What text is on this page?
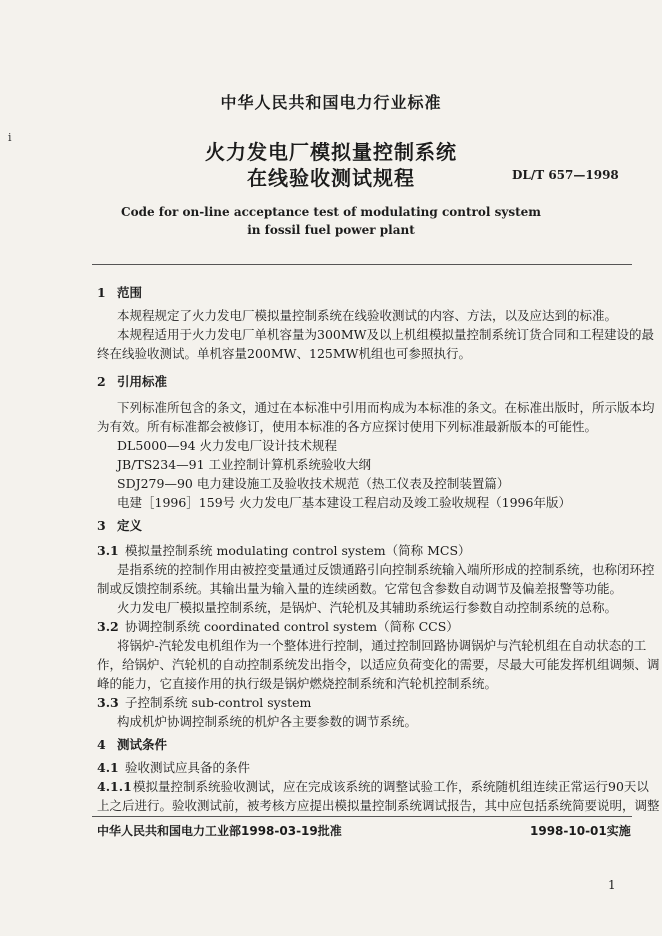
ⅰ
中华人民共和国电力行业标准
火力发电厂模拟量控制系统
在线验收测试规程	DL/T 657—1998
Code for on-line acceptance test of modulating control system
in fossil fuel power plant
1 范围
本规程规定了火力发电厂模拟量控制系统在线验收测试的内容、方法，以及应达到的标准。
本规程适用于火力发电厂单机容量为300MW及以上机组模拟量控制系统订货合同和工程建设的最
终在线验收测试。单机容量200MW、125MW机组也可参照执行。
2 引用标准
下列标准所包含的条文，通过在本标准中引用而构成为本标准的条文。在标准出版时，所示版本均
为有效。所有标准都会被修订，使用本标准的各方应探讨使用下列标准最新版本的可能性。
DL5000—94 火力发电厂设计技术规程
JB/TS234—91 工业控制计算机系统验收大纲
SDJ279—90 电力建设施工及验收技术规范（热工仪表及控制装置篇）
电建［1996］159号 火力发电厂基本建设工程启动及竣工验收规程（1996年版）
3 定义
3.1 模拟量控制系统 modulating control system（简称 MCS）
是指系统的控制作用由被控变量通过反馈通路引向控制系统输入端所形成的控制系统，也称闭环控
制或反馈控制系统。其输出量为输入量的连续函数。它常包含参数自动调节及偏差报警等功能。
火力发电厂模拟量控制系统，是锅炉、汽轮机及其辅助系统运行参数自动控制系统的总称。
3.2 协调控制系统 coordinated control system（简称 CCS）
将锅炉-汽轮发电机组作为一个整体进行控制，通过控制回路协调锅炉与汽轮机组在自动状态的工
作，给锅炉、汽轮机的自动控制系统发出指令，以适应负荷变化的需要，尽最大可能发挥机组调频、调
峰的能力，它直接作用的执行级是锅炉燃烧控制系统和汽轮机控制系统。
3.3 子控制系统 sub-control system
构成机炉协调控制系统的机炉各主要参数的调节系统。
4 测试条件
4.1 验收测试应具备的条件
4.1.1 模拟量控制系统验收测试，应在完成该系统的调整试验工作，系统随机组连续正常运行90天以
上之后进行。验收测试前，被考核方应提出模拟量控制系统调试报告，其中应包括系统简要说明，调整
中华人民共和国电力工业部1998-03-19批准	1998-10-01实施
1
